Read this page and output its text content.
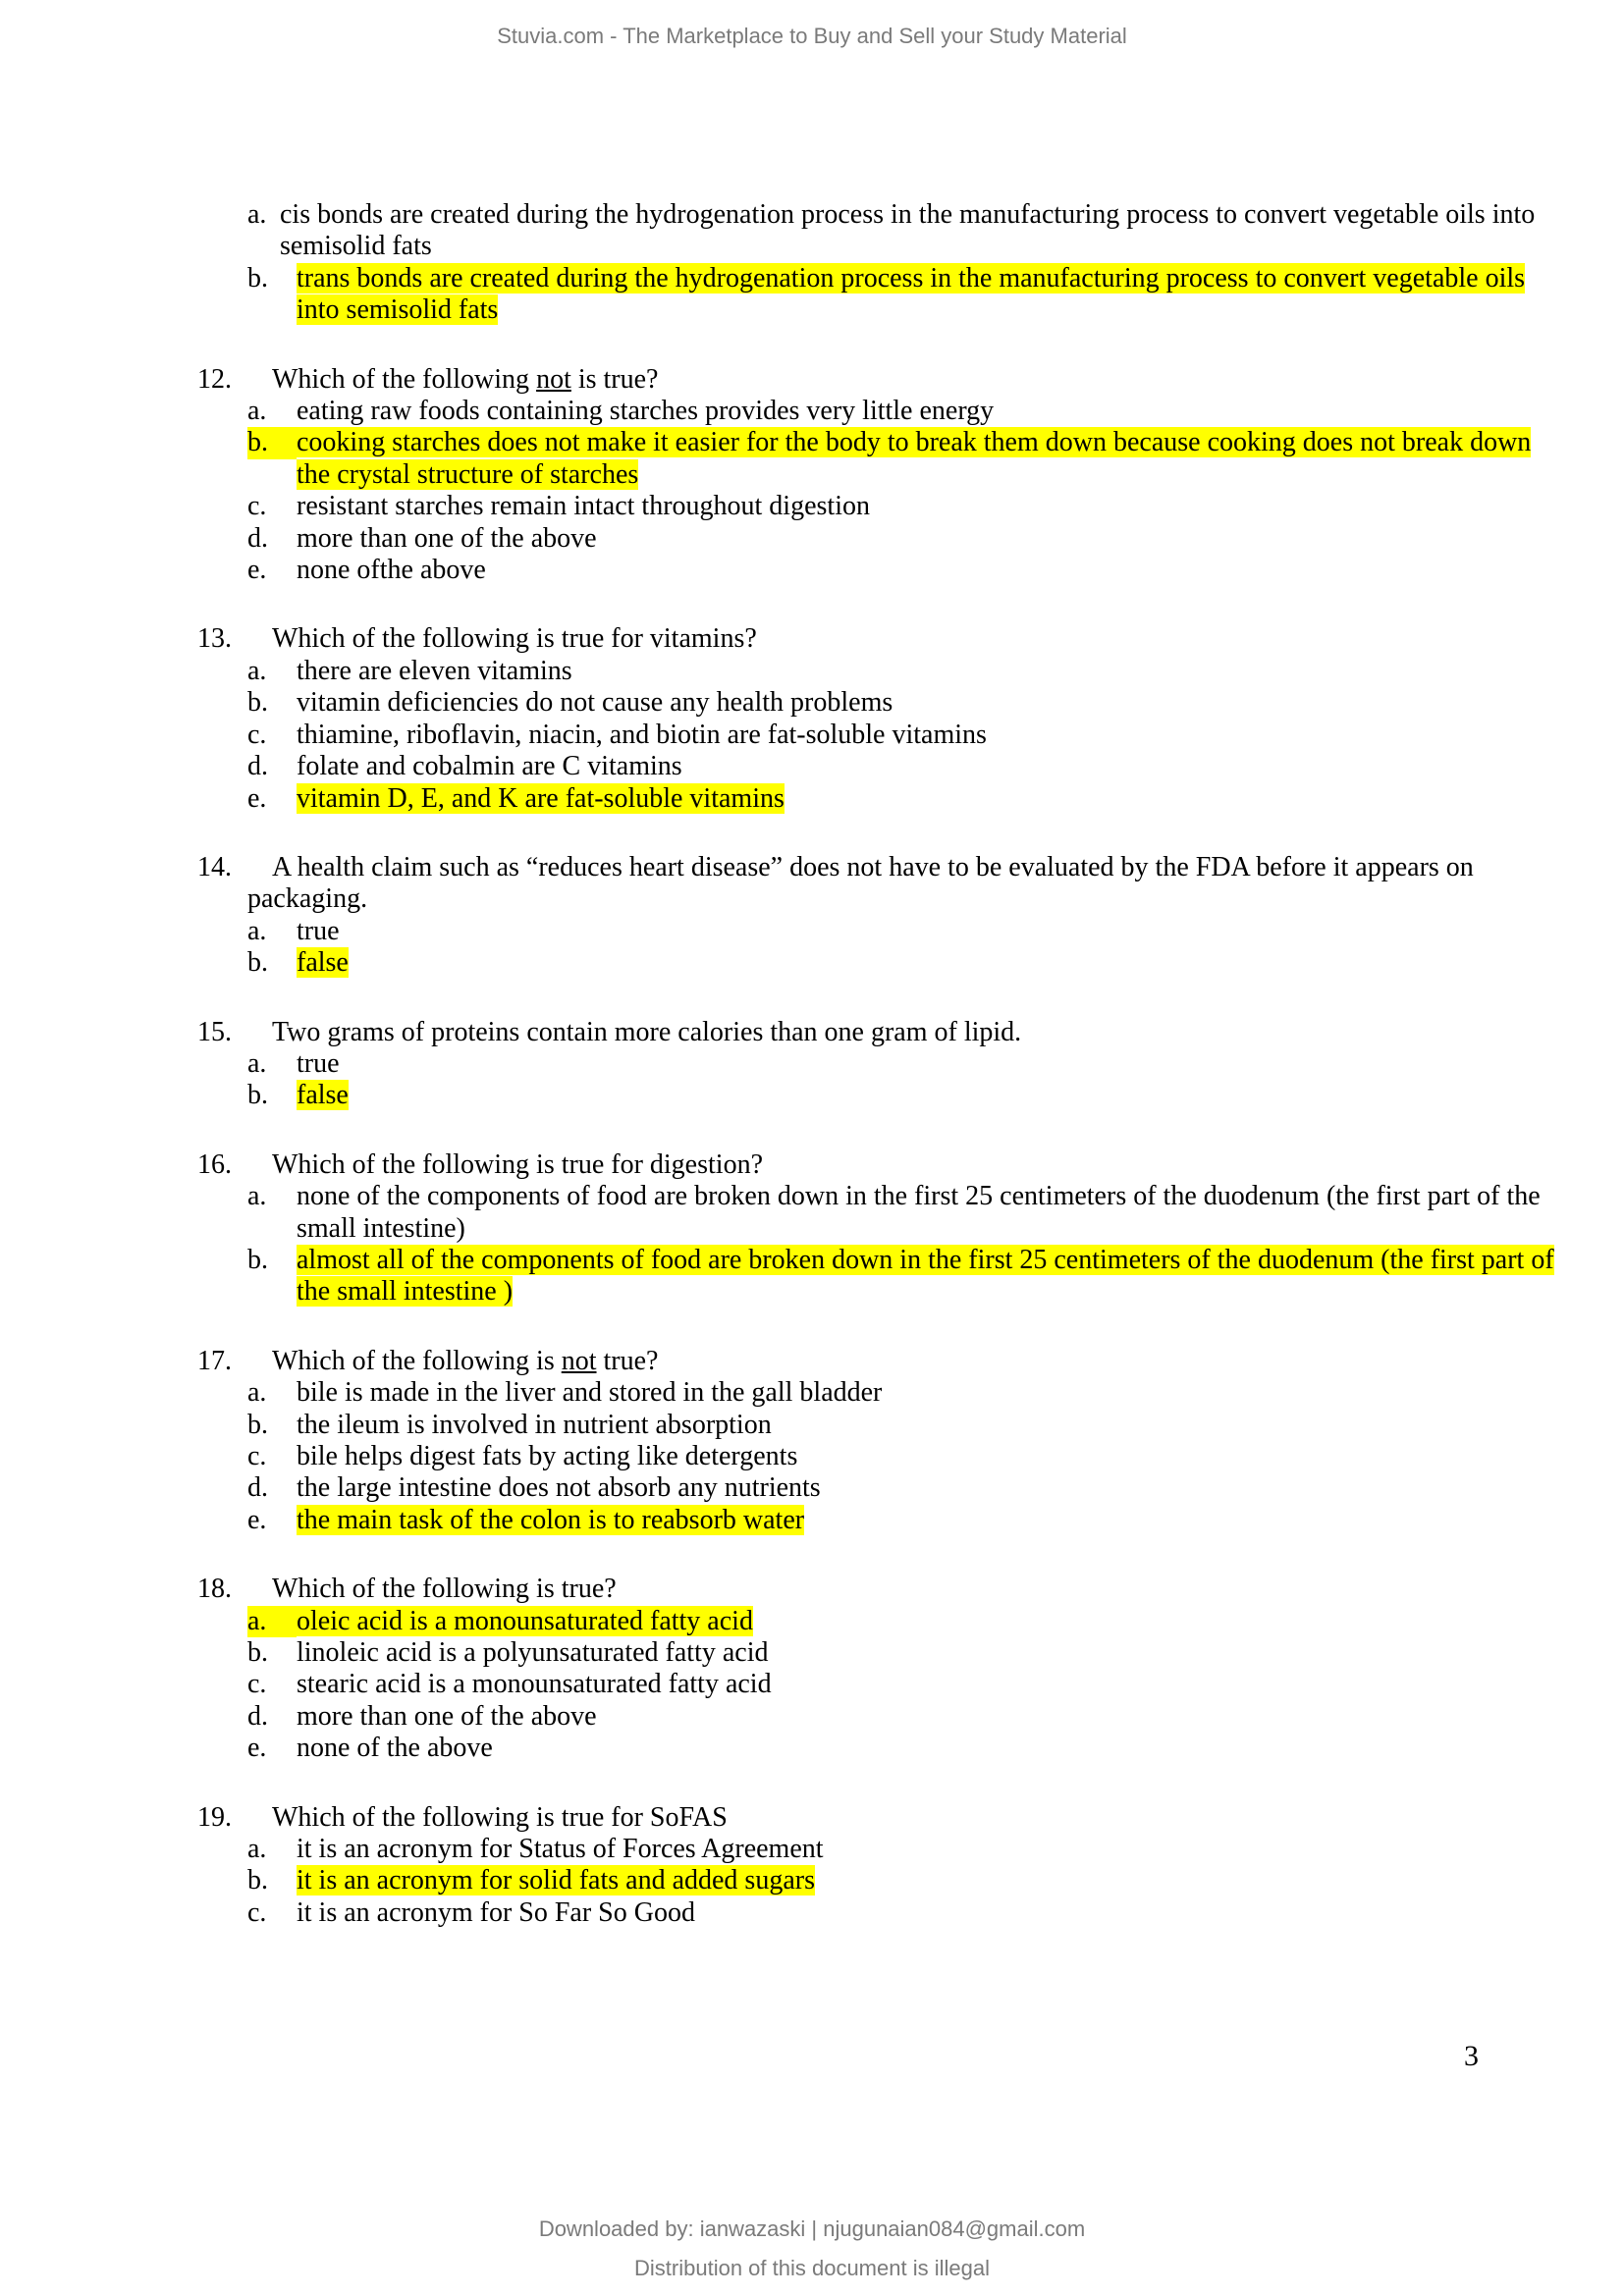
Stuvia.com - The Marketplace to Buy and Sell your Study Material
a. cis bonds are created during the hydrogenation process in the manufacturing process to convert vegetable oils into semisolid fats
b.	trans bonds are created during the hydrogenation process in the manufacturing process to convert vegetable oils into semisolid fats
12. Which of the following not is true?
a.	eating raw foods containing starches provides very little energy
b.	cooking starches does not make it easier for the body to break them down because cooking does not break down the crystal structure of starches
c.	resistant starches remain intact throughout digestion
d.	more than one of the above
e.	none ofthe above
13. Which of the following is true for vitamins?
a.	there are eleven vitamins
b.	vitamin deficiencies do not cause any health problems
c.	thiamine, riboflavin, niacin, and biotin are fat-soluble vitamins
d.	folate and cobalmin are C vitamins
e.	vitamin D, E, and K are fat-soluble vitamins
14. A health claim such as “reduces heart disease” does not have to be evaluated by the FDA before it appears on
packaging.
a.	true
b.	false
15. Two grams of proteins contain more calories than one gram of lipid.
a.	true
b.	false
16. Which of the following is true for digestion?
a.	none of the components of food are broken down in the first 25 centimeters of the duodenum (the first part of the small intestine)
b.	almost all of the components of food are broken down in the first 25 centimeters of the duodenum (the first part of the small intestine )
17. Which of the following is not true?
a.	bile is made in the liver and stored in the gall bladder
b.	the ileum is involved in nutrient absorption
c.	bile helps digest fats by acting like detergents
d.	the large intestine does not absorb any nutrients
e.	the main task of the colon is to reabsorb water
18. Which of the following is true?
a.	oleic acid is a monounsaturated fatty acid
b.	linoleic acid is a polyunsaturated fatty acid
c.	stearic acid is a monounsaturated fatty acid
d.	more than one of the above
e.	none of the above
19. Which of the following is true for SoFAS
a.	it is an acronym for Status of Forces Agreement
b.	it is an acronym for solid fats and added sugars
c.	it is an acronym for So Far So Good
3
Downloaded by: ianwazaski | njugunaian084@gmail.com
Distribution of this document is illegal
